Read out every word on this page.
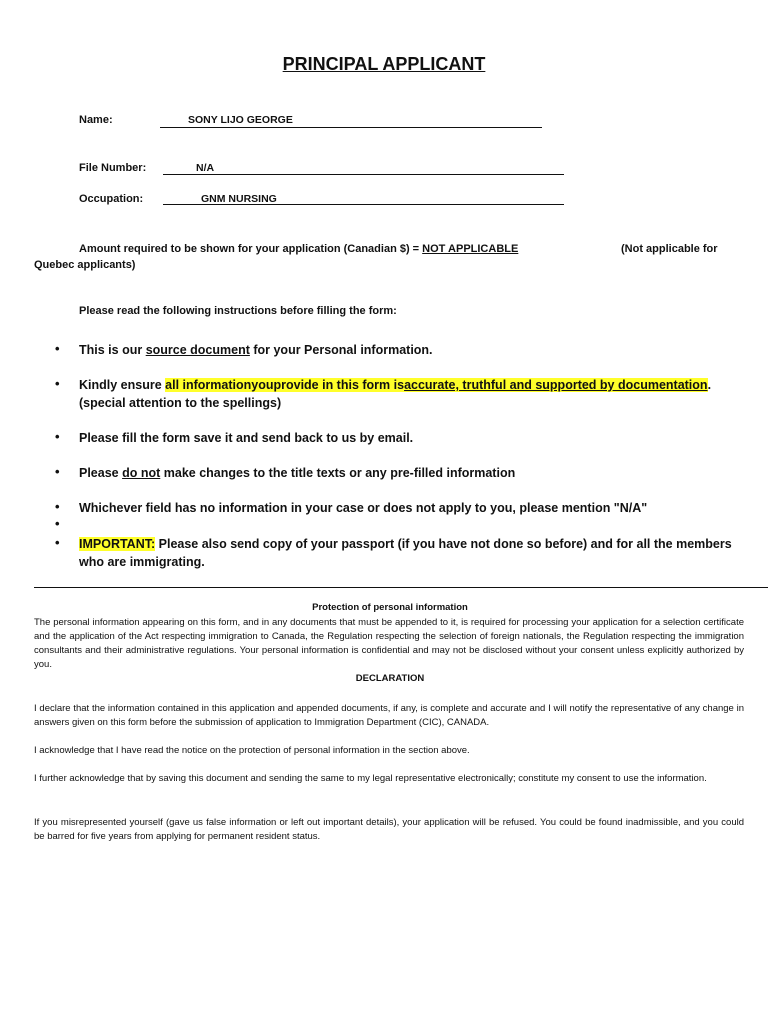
PRINCIPAL APPLICANT
Name:	SONY LIJO GEORGE
File Number:	N/A
Occupation:	GNM NURSING
Amount required to be shown for your application (Canadian $) = NOT APPLICABLE	(Not applicable for

Quebec applicants)
Please read the following instructions before filling the form:
• This is our source document for your Personal information.
• Kindly ensure all informationyouprovide in this form isaccurate, truthful and supported by documentation. (special attention to the spellings)
• Please fill the form save it and send back to us by email.
• Please do not make changes to the title texts or any pre-filled information
• Whichever field has no information in your case or does not apply to you, please mention "N/A"
•
• IMPORTANT: Please also send copy of your passport (if you have not done so before) and for all the members who are immigrating.
Protection of personal information
The personal information appearing on this form, and in any documents that must be appended to it, is required for processing your application for a selection certificate and the application of the Act respecting immigration to Canada, the Regulation respecting the selection of foreign nationals, the Regulation respecting the immigration consultants and their administrative regulations. Your personal information is confidential and may not be disclosed without your consent unless explicitly authorized by you.
DECLARATION
I declare that the information contained in this application and appended documents, if any, is complete and accurate and I will notify the representative of any change in answers given on this form before the submission of application to Immigration Department (CIC), CANADA.
I acknowledge that I have read the notice on the protection of personal information in the section above.
I further acknowledge that by saving this document and sending the same to my legal representative electronically; constitute my consent to use the information.
If you misrepresented yourself (gave us false information or left out important details), your application will be refused. You could be found inadmissible, and you could be barred for five years from applying for permanent resident status.
